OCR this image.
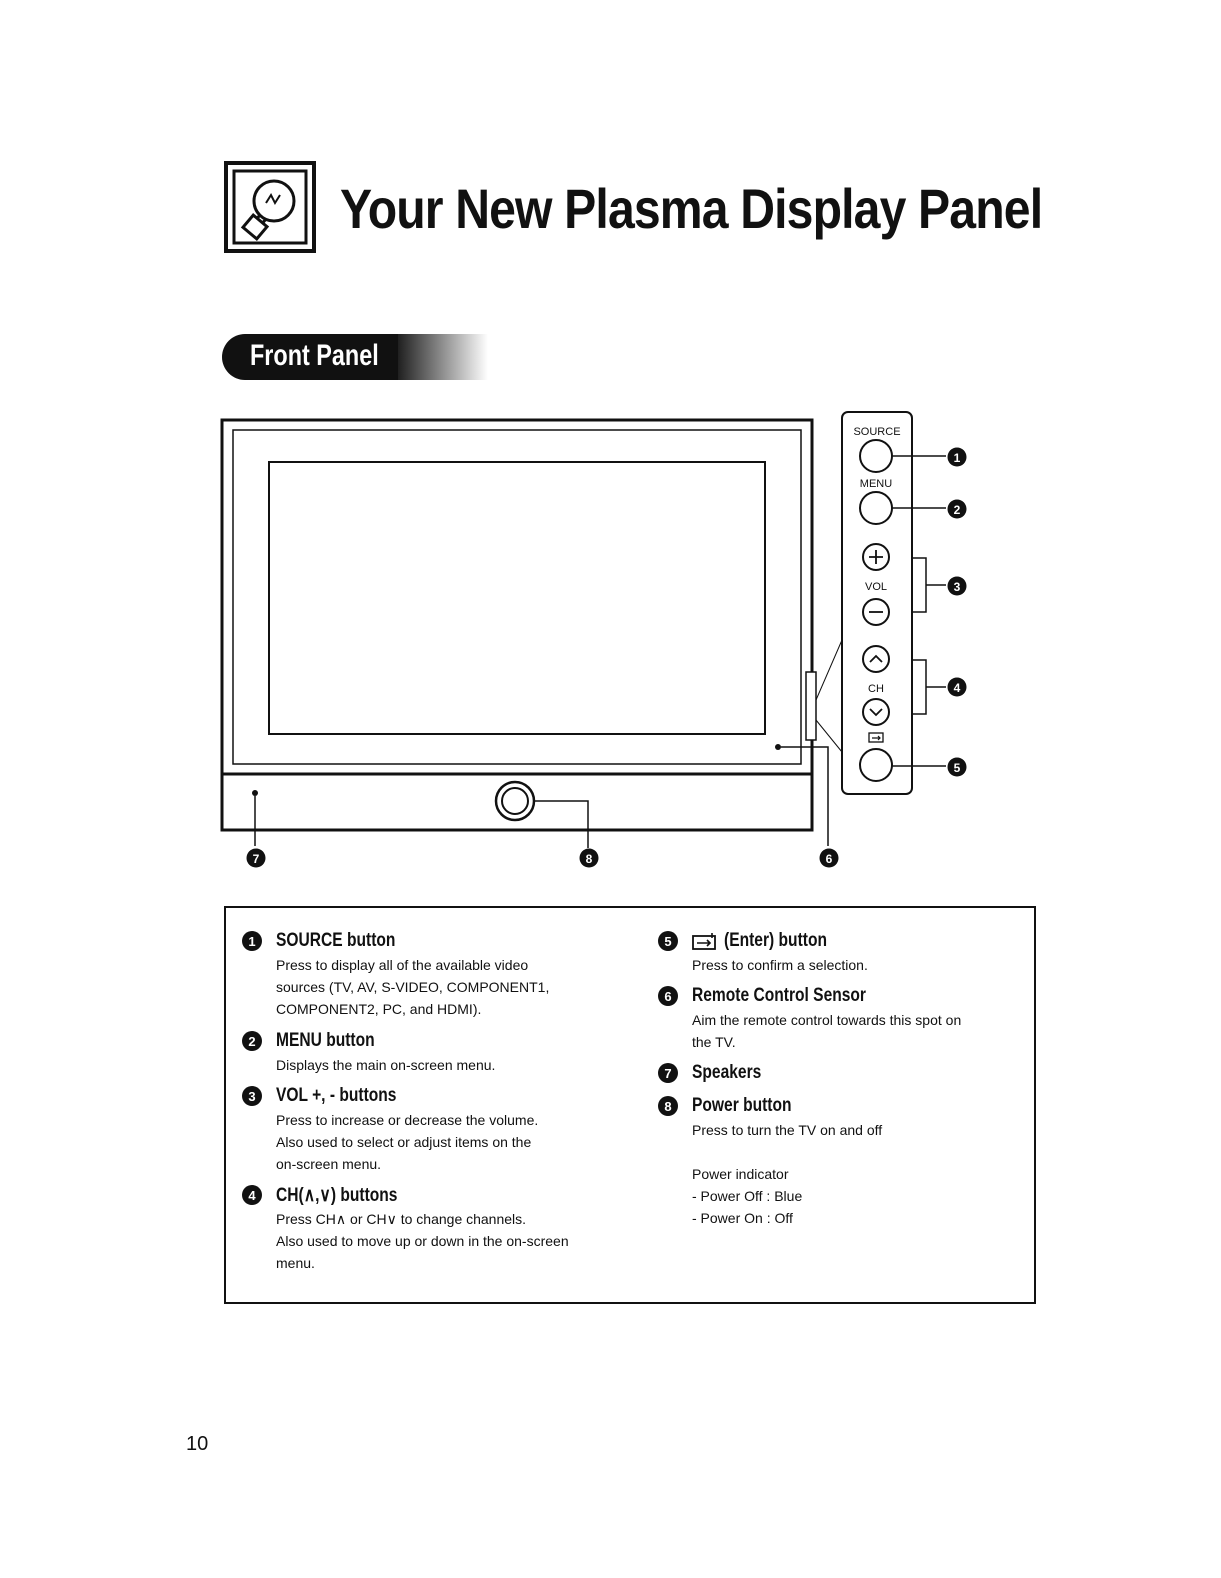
Your New Plasma Display Panel
Front Panel
SOURCE
MENU
VOL
CH
1
2
3
4
5
6
7	8
1	SOURCE button
Press to display all of the available video
sources (TV, AV, S-VIDEO, COMPONENT1,
COMPONENT2, PC, and HDMI).
2	MENU button
Displays the main on-screen menu.
3	VOL +, - buttons
Press to increase or decrease the volume.
Also used to select or adjust items on the
on-screen menu.
4	CH(∧,∨) buttons
Press CH∧ or CH∨ to change channels.
Also used to move up or down in the on-screen
menu.
5	(Enter) button
Press to confirm a selection.
6	Remote Control Sensor
Aim the remote control towards this spot on
the TV.
7	Speakers
8	Power button
Press to turn the TV on and off

Power indicator
- Power Off : Blue
- Power On : Off
10
